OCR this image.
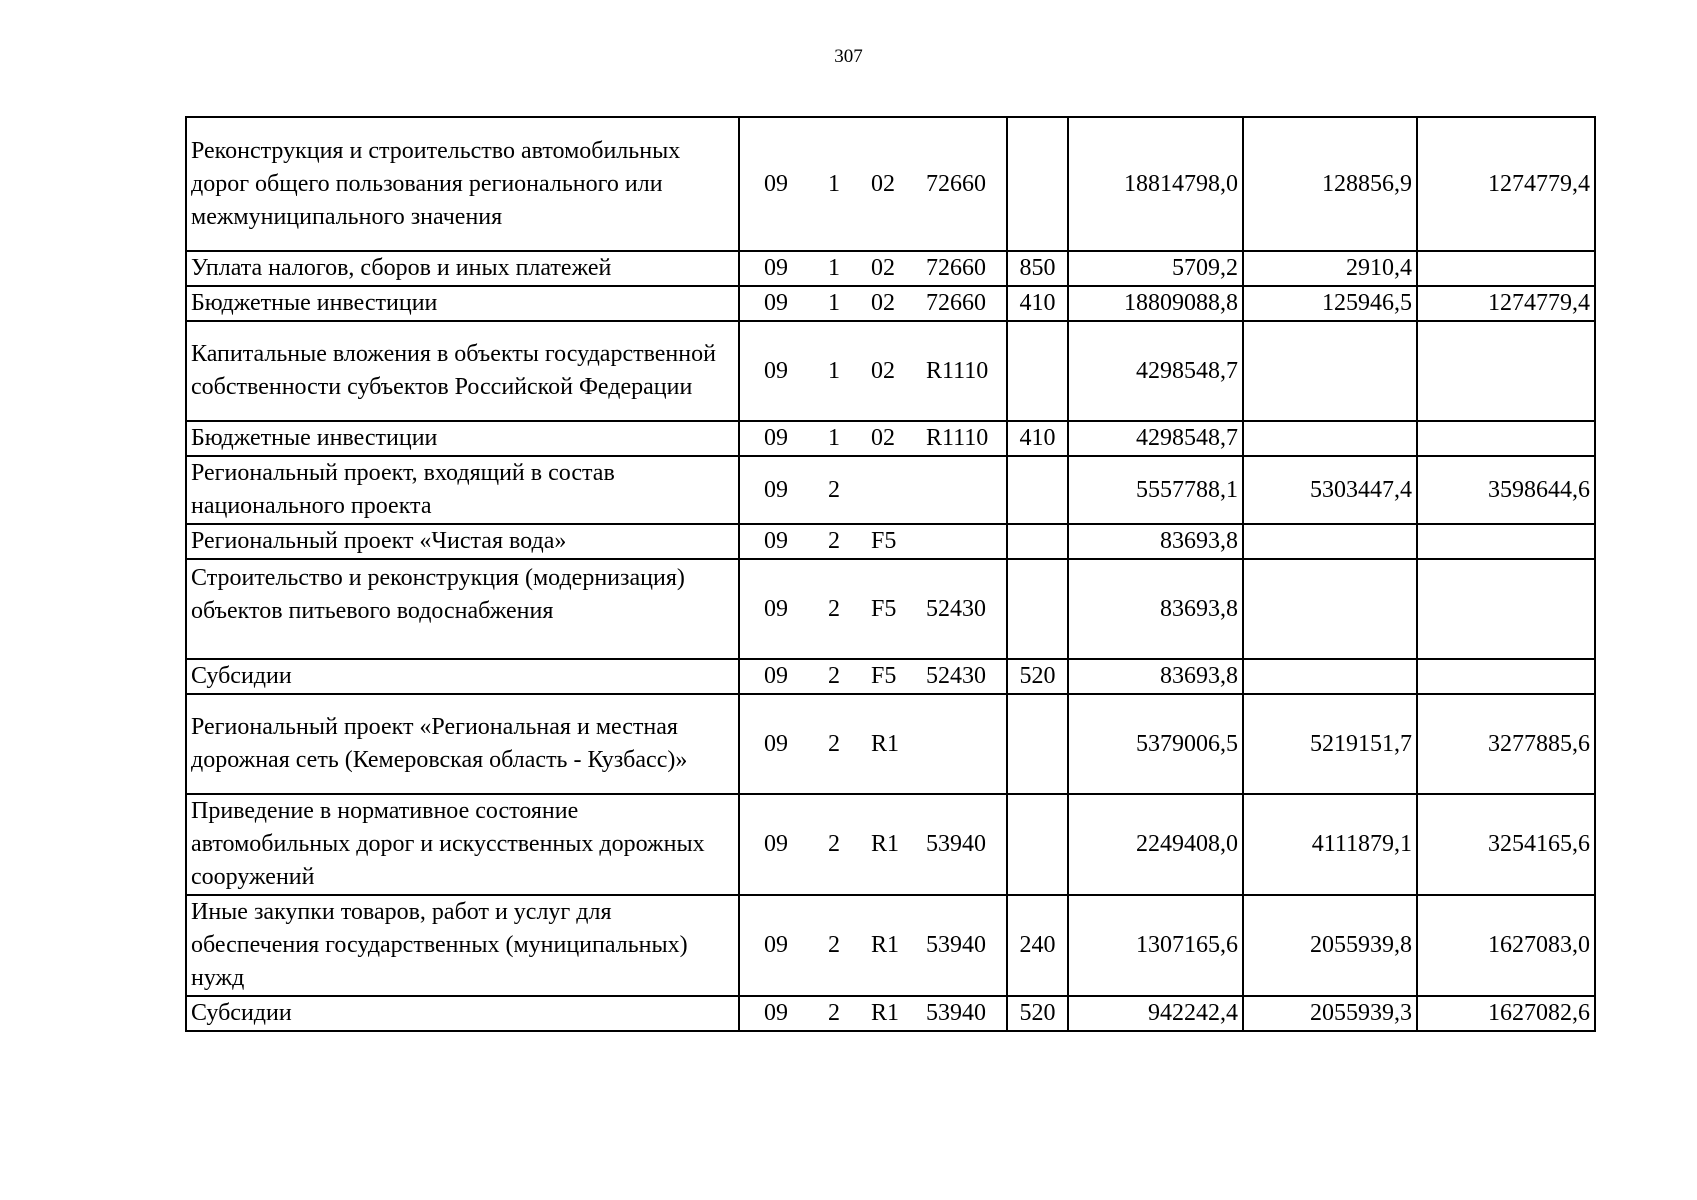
307
Реконструкция и строительство автомобильных дорог общего пользования регионального или межмуниципального значения	09 1 02 72660		18814798,0	128856,9	1274779,4
Уплата налогов, сборов и иных платежей	09 1 02 72660	850	5709,2	2910,4	
Бюджетные инвестиции	09 1 02 72660	410	18809088,8	125946,5	1274779,4
Капитальные вложения в объекты государственной собственности субъектов Российской Федерации	09 1 02 R1110		4298548,7		
Бюджетные инвестиции	09 1 02 R1110	410	4298548,7		
Региональный проект, входящий в состав национального проекта	09 2		5557788,1	5303447,4	3598644,6
Региональный проект «Чистая вода»	09 2 F5		83693,8		
Строительство и реконструкция (модернизация) объектов питьевого водоснабжения	09 2 F5 52430		83693,8		
Субсидии	09 2 F5 52430	520	83693,8		
Региональный проект «Региональная и местная дорожная сеть (Кемеровская область - Кузбасс)»	09 2 R1		5379006,5	5219151,7	3277885,6
Приведение в нормативное состояние автомобильных дорог и искусственных дорожных сооружений	09 2 R1 53940		2249408,0	4111879,1	3254165,6
Иные закупки товаров, работ и услуг для обеспечения государственных (муниципальных) нужд	09 2 R1 53940	240	1307165,6	2055939,8	1627083,0
Субсидии	09 2 R1 53940	520	942242,4	2055939,3	1627082,6
